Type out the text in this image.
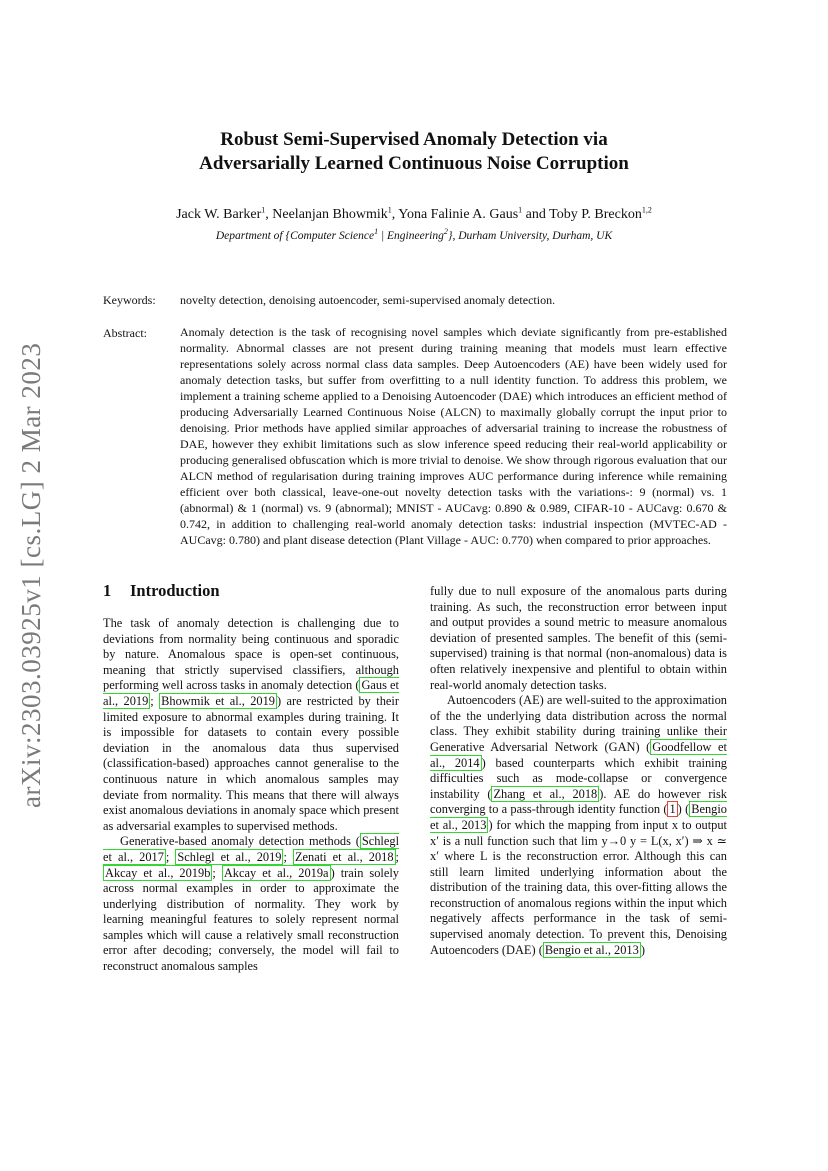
arXiv:2303.03925v1 [cs.LG] 2 Mar 2023
Robust Semi-Supervised Anomaly Detection via
Adversarially Learned Continuous Noise Corruption
Jack W. Barker$^1$, Neelanjan Bhowmik$^1$, Yona Falinie A. Gaus$^1$ and Toby P. Breckon$^{1,2}$
Department of {Computer Science$^1$ | Engineering$^2$}, Durham University, Durham, UK
Keywords: novelty detection, denoising autoencoder, semi-supervised anomaly detection.
Abstract:	Anomaly detection is the task of recognising novel samples which deviate significantly from pre-established normality. Abnormal classes are not present during training meaning that models must learn effective representations solely across normal class data samples. Deep Autoencoders (AE) have been widely used for anomaly detection tasks, but suffer from overfitting to a null identity function. To address this problem, we implement a training scheme applied to a Denoising Autoencoder (DAE) which introduces an efficient method of producing Adversarially Learned Continuous Noise (ALCN) to maximally globally corrupt the input prior to denoising. Prior methods have applied similar approaches of adversarial training to increase the robustness of DAE, however they exhibit limitations such as slow inference speed reducing their real-world applicability or producing generalised obfuscation which is more trivial to denoise. We show through rigorous evaluation that our ALCN method of regularisation during training improves AUC performance during inference while remaining efficient over both classical, leave-one-out novelty detection tasks with the variations-: 9 (normal) vs. 1 (abnormal) & 1 (normal) vs. 9 (abnormal); MNIST - AUCavg: 0.890 & 0.989, CIFAR-10 - AUCavg: 0.670 & 0.742, in addition to challenging real-world anomaly detection tasks: industrial inspection (MVTEC-AD - AUCavg: 0.780) and plant disease detection (Plant Village - AUC: 0.770) when compared to prior approaches.
1 Introduction

The task of anomaly detection is challenging due to deviations from normality being continuous and sporadic by nature. Anomalous space is open-set continuous, meaning that strictly supervised classifiers, although performing well across tasks in anomaly detection ( Gaus et al., 2019 ; Bhowmik et al., 2019 ) are restricted by their limited exposure to abnormal examples during training. It is impossible for datasets to contain every possible deviation in the anomalous data thus supervised (classification-based) approaches cannot generalise to the continuous nature in which anomalous samples may deviate from normality. This means that there will always exist anomalous deviations in anomaly space which present as adversarial examples to supervised methods.

Generative-based anomaly detection methods ( Schlegl et al., 2017 ; Schlegl et al., 2019 ; Zenati et al., 2018 ; Akcay et al., 2019b ; Akcay et al., 2019a ) train solely across normal examples in order to approximate the underlying distribution of normality. They work by learning meaningful features to solely represent normal samples which will cause a relatively small reconstruction error after decoding; conversely, the model will fail to reconstruct anomalous samples

fully due to null exposure of the anomalous parts during training. As such, the reconstruction error between input and output provides a sound metric to measure anomalous deviation of presented samples. The benefit of this (semi-supervised) training is that normal (non-anomalous) data is often relatively inexpensive and plentiful to obtain within real-world anomaly detection tasks.

Autoencoders (AE) are well-suited to the approximation of the the underlying data distribution across the normal class. They exhibit stability during training unlike their Generative Adversarial Network (GAN) ( Goodfellow et al., 2014 ) based counterparts which exhibit training difficulties such as mode-collapse or convergence instability ( Zhang et al., 2018 ). AE do however risk converging to a pass-through identity function ( 1 ) ( Bengio et al., 2013 ) for which the mapping from input x to output x′ is a null function such that lim y→0 y = L(x, x′) ⇒ x ≃ x′ where L is the reconstruction error. Although this can still learn limited underlying information about the distribution of the training data, this over-fitting allows the reconstruction of anomalous regions within the input which negatively affects performance in the task of semi-supervised anomaly detection. To prevent this, Denoising Autoencoders (DAE) ( Bengio et al., 2013 )
